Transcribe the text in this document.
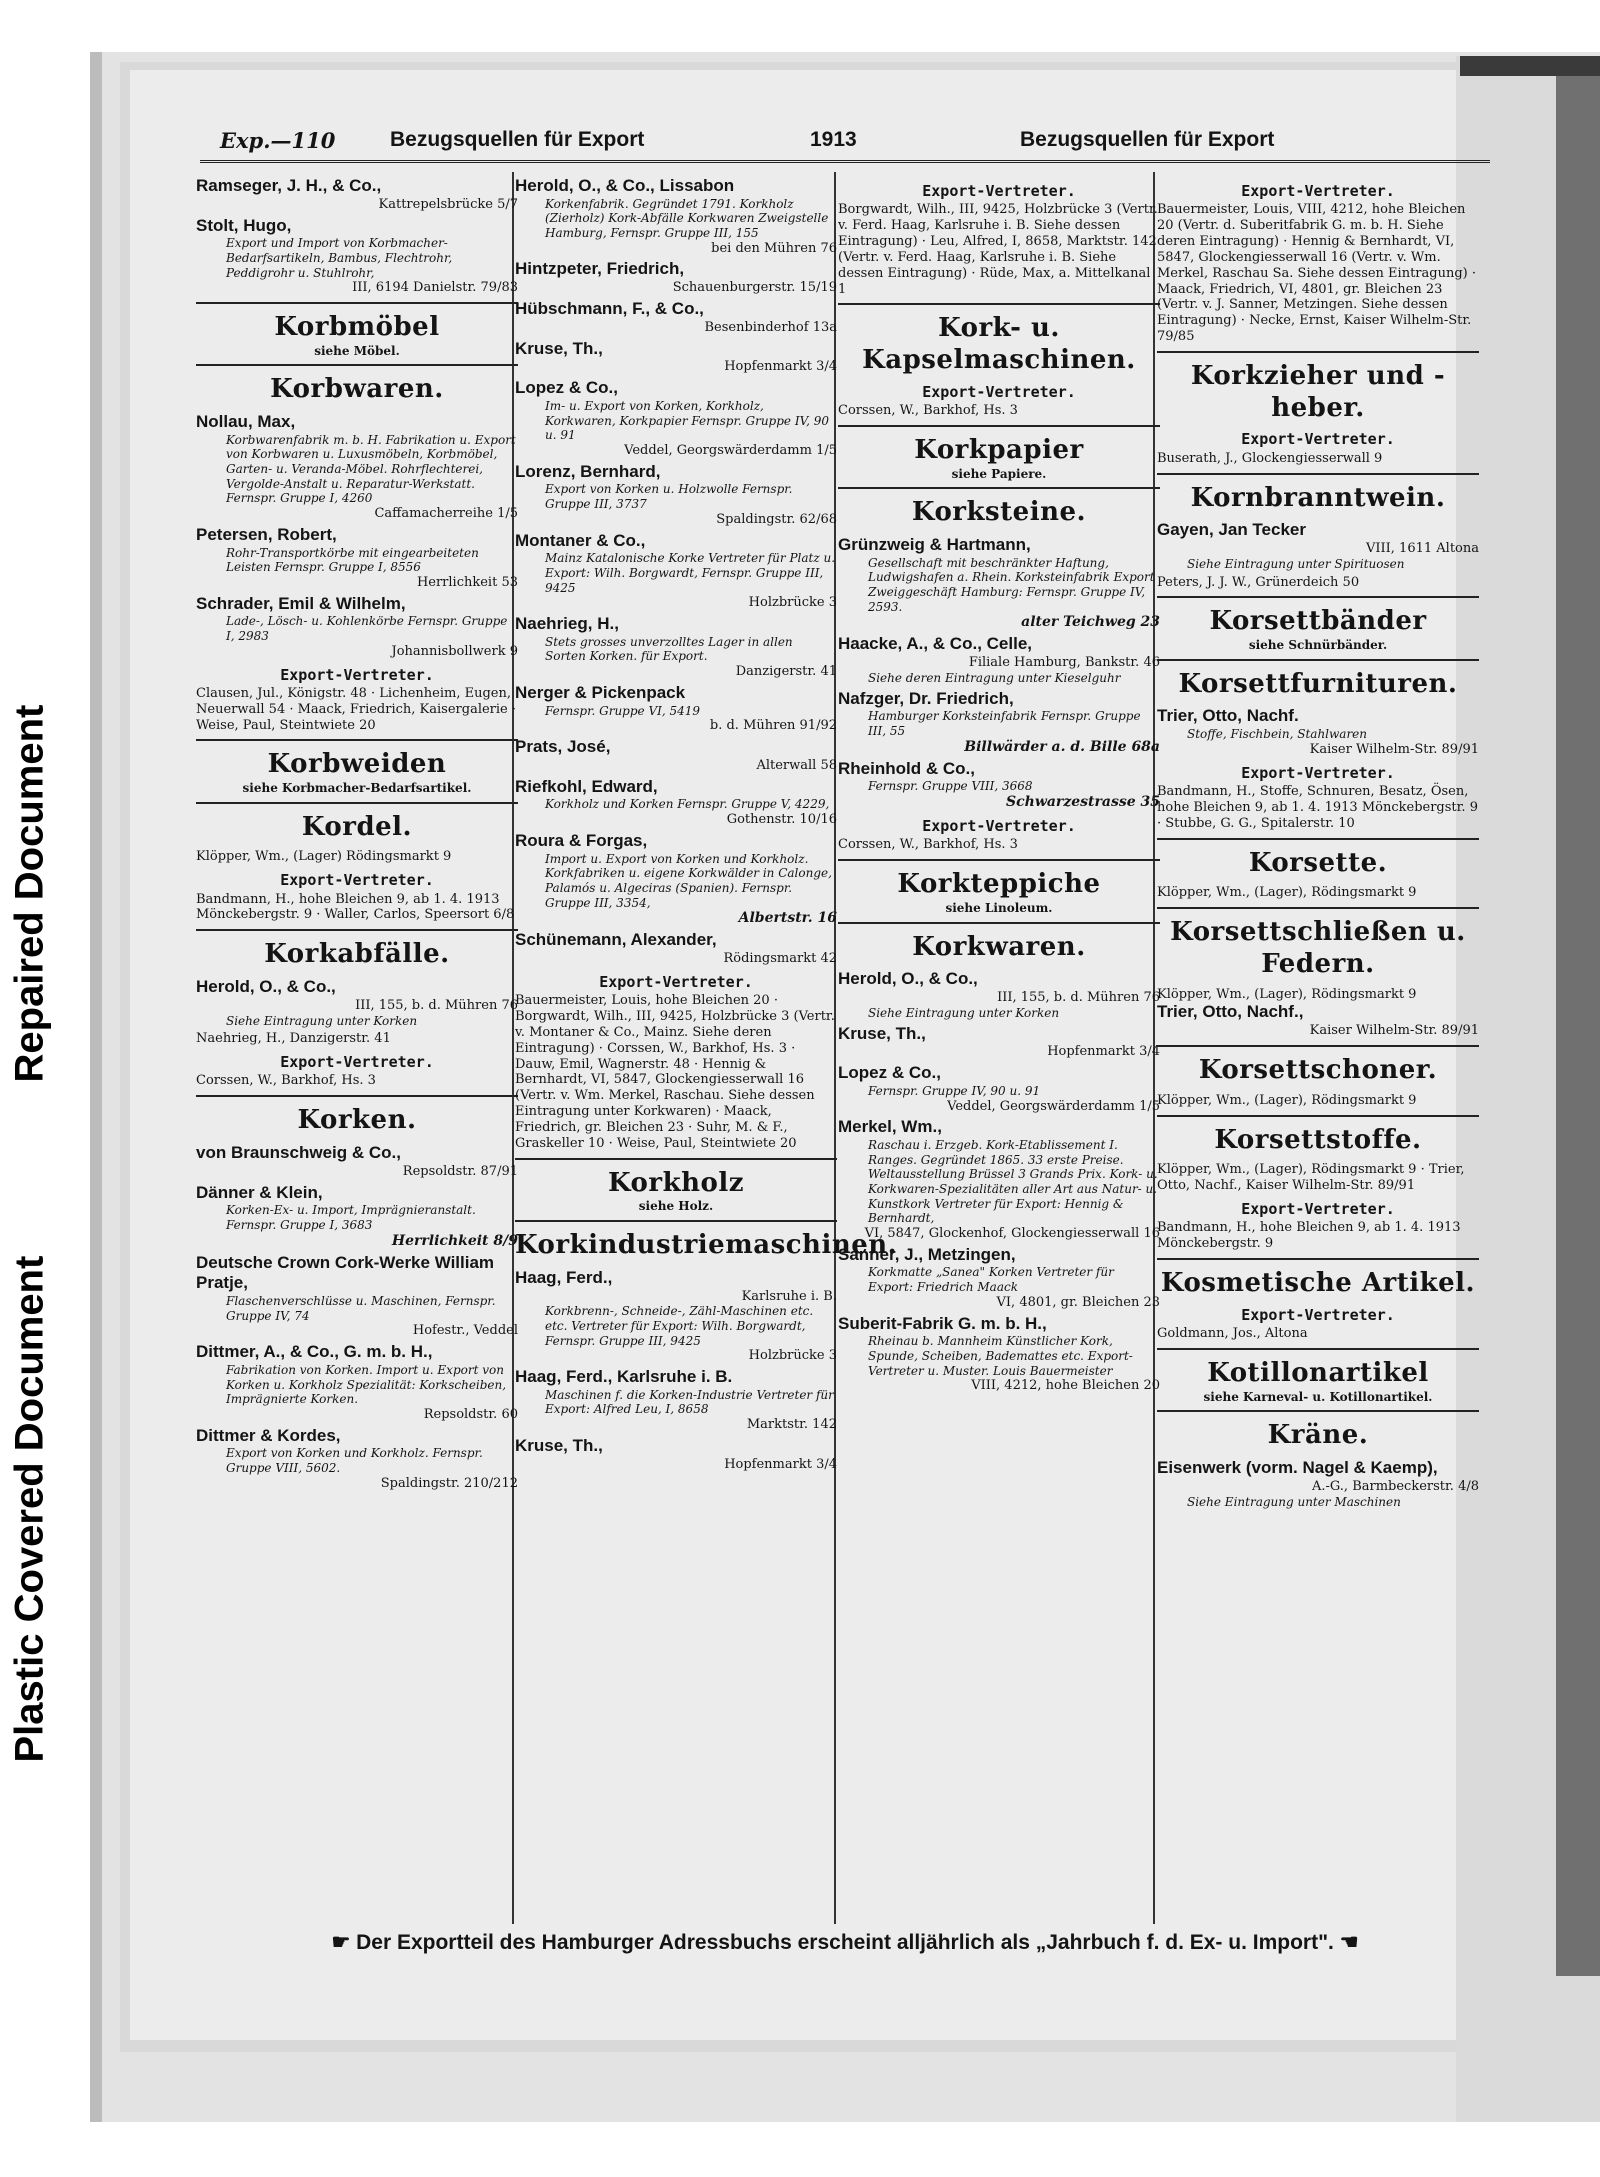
Repaired Document
Plastic Covered Document
Exp.—110	Bezugsquellen für Export	1913	Bezugsquellen für Export
Ramseger, J. H., & Co.,
Kattrepelsbrücke 5/7
Stolt, Hugo,
Export und Import von Korbmacher-Bedarfsartikeln, Bambus, Flechtrohr, Peddigrohr u. Stuhlrohr,
III, 6194 Danielstr. 79/83
Korbmöbel
siehe Möbel.
Korbwaren.
Nollau, Max,
Korbwarenfabrik m. b. H. Fabrikation u. Export von Korbwaren u. Luxusmöbeln, Korbmöbel, Garten- u. Veranda-Möbel. Rohrflechterei, Vergolde-Anstalt u. Reparatur-Werkstatt. Fernspr. Gruppe I, 4260
Caffamacherreihe 1/5
Petersen, Robert,
Rohr-Transportkörbe mit eingearbeiteten Leisten Fernspr. Gruppe I, 8556
Herrlichkeit 53
Schrader, Emil & Wilhelm,
Lade-, Lösch- u. Kohlenkörbe Fernspr. Gruppe I, 2983
Johannisbollwerk 9
Export-Vertreter.
Clausen, Jul., Königstr. 48 · Lichenheim, Eugen, Neuerwall 54 · Maack, Friedrich, Kaisergalerie · Weise, Paul, Steintwiete 20
Korbweiden
siehe Korbmacher-Bedarfsartikel.
Kordel.
Klöpper, Wm., (Lager) Rödingsmarkt 9
Export-Vertreter.
Bandmann, H., hohe Bleichen 9, ab 1. 4. 1913 Mönckebergstr. 9 · Waller, Carlos, Speersort 6/8
Korkabfälle.
Herold, O., & Co.,
III, 155, b. d. Mühren 76
Siehe Eintragung unter Korken
Naehrieg, H., Danzigerstr. 41
Export-Vertreter.
Corssen, W., Barkhof, Hs. 3
Korken.
von Braunschweig & Co.,
Repsoldstr. 87/91
Dänner & Klein,
Korken-Ex- u. Import, Imprägnieranstalt. Fernspr. Gruppe I, 3683
Herrlichkeit 8/9
Deutsche Crown Cork-Werke William Pratje,
Flaschenverschlüsse u. Maschinen, Fernspr. Gruppe IV, 74
Hofestr., Veddel
Dittmer, A., & Co., G. m. b. H.,
Fabrikation von Korken. Import u. Export von Korken u. Korkholz Spezialität: Korkscheiben, Imprägnierte Korken.
Repsoldstr. 60
Dittmer & Kordes,
Export von Korken und Korkholz. Fernspr. Gruppe VIII, 5602.
Spaldingstr. 210/212
Herold, O., & Co., Lissabon
Korkenfabrik. Gegründet 1791. Korkholz (Zierholz) Kork-Abfälle Korkwaren Zweigstelle Hamburg, Fernspr. Gruppe III, 155
bei den Mühren 76
Hintzpeter, Friedrich,
Schauenburgerstr. 15/19
Hübschmann, F., & Co.,
Besenbinderhof 13a
Kruse, Th.,
Hopfenmarkt 3/4
Lopez & Co.,
Im- u. Export von Korken, Korkholz, Korkwaren, Korkpapier Fernspr. Gruppe IV, 90 u. 91
Veddel, Georgswärderdamm 1/5
Lorenz, Bernhard,
Export von Korken u. Holzwolle Fernspr. Gruppe III, 3737
Spaldingstr. 62/68
Montaner & Co.,
Mainz Katalonische Korke Vertreter für Platz u. Export: Wilh. Borgwardt, Fernspr. Gruppe III, 9425
Holzbrücke 3
Naehrieg, H.,
Stets grosses unverzolltes Lager in allen Sorten Korken. für Export.
Danzigerstr. 41
Nerger & Pickenpack
Fernspr. Gruppe VI, 5419
b. d. Mühren 91/92
Prats, José,
Alterwall 58
Riefkohl, Edward,
Korkholz und Korken Fernspr. Gruppe V, 4229,
Gothenstr. 10/16
Roura & Forgas,
Import u. Export von Korken und Korkholz. Korkfabriken u. eigene Korkwälder in Calonge, Palamós u. Algeciras (Spanien). Fernspr. Gruppe III, 3354,
Albertstr. 16
Schünemann, Alexander,
Rödingsmarkt 42
Export-Vertreter.
Bauermeister, Louis, hohe Bleichen 20 · Borgwardt, Wilh., III, 9425, Holzbrücke 3 (Vertr. v. Montaner & Co., Mainz. Siehe deren Eintragung) · Corssen, W., Barkhof, Hs. 3 · Dauw, Emil, Wagnerstr. 48 · Hennig & Bernhardt, VI, 5847, Glockengiesserwall 16 (Vertr. v. Wm. Merkel, Raschau. Siehe dessen Eintragung unter Korkwaren) · Maack, Friedrich, gr. Bleichen 23 · Suhr, M. & F., Graskeller 10 · Weise, Paul, Steintwiete 20
Korkholz
siehe Holz.
Korkindustriemaschinen.
Haag, Ferd.,
Karlsruhe i. B.
Korkbrenn-, Schneide-, Zähl-Maschinen etc. etc. Vertreter für Export: Wilh. Borgwardt, Fernspr. Gruppe III, 9425
Holzbrücke 3
Haag, Ferd., Karlsruhe i. B.
Maschinen f. die Korken-Industrie Vertreter für Export: Alfred Leu, I, 8658
Marktstr. 142
Kruse, Th.,
Hopfenmarkt 3/4
Export-Vertreter.
Borgwardt, Wilh., III, 9425, Holzbrücke 3 (Vertr. v. Ferd. Haag, Karlsruhe i. B. Siehe dessen Eintragung) · Leu, Alfred, I, 8658, Marktstr. 142 (Vertr. v. Ferd. Haag, Karlsruhe i. B. Siehe dessen Eintragung) · Rüde, Max, a. Mittelkanal 1
Kork- u. Kapselmaschinen.
Export-Vertreter.
Corssen, W., Barkhof, Hs. 3
Korkpapier
siehe Papiere.
Korksteine.
Grünzweig & Hartmann,
Gesellschaft mit beschränkter Haftung, Ludwigshafen a. Rhein. Korksteinfabrik Export Zweiggeschäft Hamburg: Fernspr. Gruppe IV, 2593.
alter Teichweg 23
Haacke, A., & Co., Celle,
Filiale Hamburg, Bankstr. 46
Siehe deren Eintragung unter Kieselguhr
Nafzger, Dr. Friedrich,
Hamburger Korksteinfabrik Fernspr. Gruppe III, 55
Billwärder a. d. Bille 68a
Rheinhold & Co.,
Fernspr. Gruppe VIII, 3668
Schwarzestrasse 35
Export-Vertreter.
Corssen, W., Barkhof, Hs. 3
Korkteppiche
siehe Linoleum.
Korkwaren.
Herold, O., & Co.,
III, 155, b. d. Mühren 76
Siehe Eintragung unter Korken
Kruse, Th.,
Hopfenmarkt 3/4
Lopez & Co.,
Fernspr. Gruppe IV, 90 u. 91
Veddel, Georgswärderdamm 1/5
Merkel, Wm.,
Raschau i. Erzgeb. Kork-Etablissement I. Ranges. Gegründet 1865. 33 erste Preise. Weltausstellung Brüssel 3 Grands Prix. Kork- u. Korkwaren-Spezialitäten aller Art aus Natur- u. Kunstkork Vertreter für Export: Hennig & Bernhardt,
VI, 5847, Glockenhof, Glockengiesserwall 16
Sanner, J., Metzingen,
Korkmatte „Sanea" Korken Vertreter für Export: Friedrich Maack
VI, 4801, gr. Bleichen 23
Suberit-Fabrik G. m. b. H.,
Rheinau b. Mannheim Künstlicher Kork, Spunde, Scheiben, Bademattes etc. Export-Vertreter u. Muster. Louis Bauermeister
VIII, 4212, hohe Bleichen 20
Export-Vertreter.
Bauermeister, Louis, VIII, 4212, hohe Bleichen 20 (Vertr. d. Suberitfabrik G. m. b. H. Siehe deren Eintragung) · Hennig & Bernhardt, VI, 5847, Glockengiesserwall 16 (Vertr. v. Wm. Merkel, Raschau Sa. Siehe dessen Eintragung) · Maack, Friedrich, VI, 4801, gr. Bleichen 23 (Vertr. v. J. Sanner, Metzingen. Siehe dessen Eintragung) · Necke, Ernst, Kaiser Wilhelm-Str. 79/85
Korkzieher und -heber.
Export-Vertreter.
Buserath, J., Glockengiesserwall 9
Kornbranntwein.
Gayen, Jan Tecker
VIII, 1611 Altona
Siehe Eintragung unter Spirituosen
Peters, J. J. W., Grünerdeich 50
Korsettbänder
siehe Schnürbänder.
Korsettfurnituren.
Trier, Otto, Nachf.
Stoffe, Fischbein, Stahlwaren
Kaiser Wilhelm-Str. 89/91
Export-Vertreter.
Bandmann, H., Stoffe, Schnuren, Besatz, Ösen, hohe Bleichen 9, ab 1. 4. 1913 Mönckebergstr. 9 · Stubbe, G. G., Spitalerstr. 10
Korsette.
Klöpper, Wm., (Lager), Rödingsmarkt 9
Korsettschließen u. Federn.
Klöpper, Wm., (Lager), Rödingsmarkt 9
Trier, Otto, Nachf.,
Kaiser Wilhelm-Str. 89/91
Korsettschoner.
Klöpper, Wm., (Lager), Rödingsmarkt 9
Korsettstoffe.
Klöpper, Wm., (Lager), Rödingsmarkt 9 · Trier, Otto, Nachf., Kaiser Wilhelm-Str. 89/91
Export-Vertreter.
Bandmann, H., hohe Bleichen 9, ab 1. 4. 1913 Mönckebergstr. 9
Kosmetische Artikel.
Export-Vertreter.
Goldmann, Jos., Altona
Kotillonartikel
siehe Karneval- u. Kotillonartikel.
Kräne.
Eisenwerk (vorm. Nagel & Kaemp),
A.-G., Barmbeckerstr. 4/8
Siehe Eintragung unter Maschinen
☛ Der Exportteil des Hamburger Adressbuchs erscheint alljährlich als „Jahrbuch f. d. Ex- u. Import". ☚
